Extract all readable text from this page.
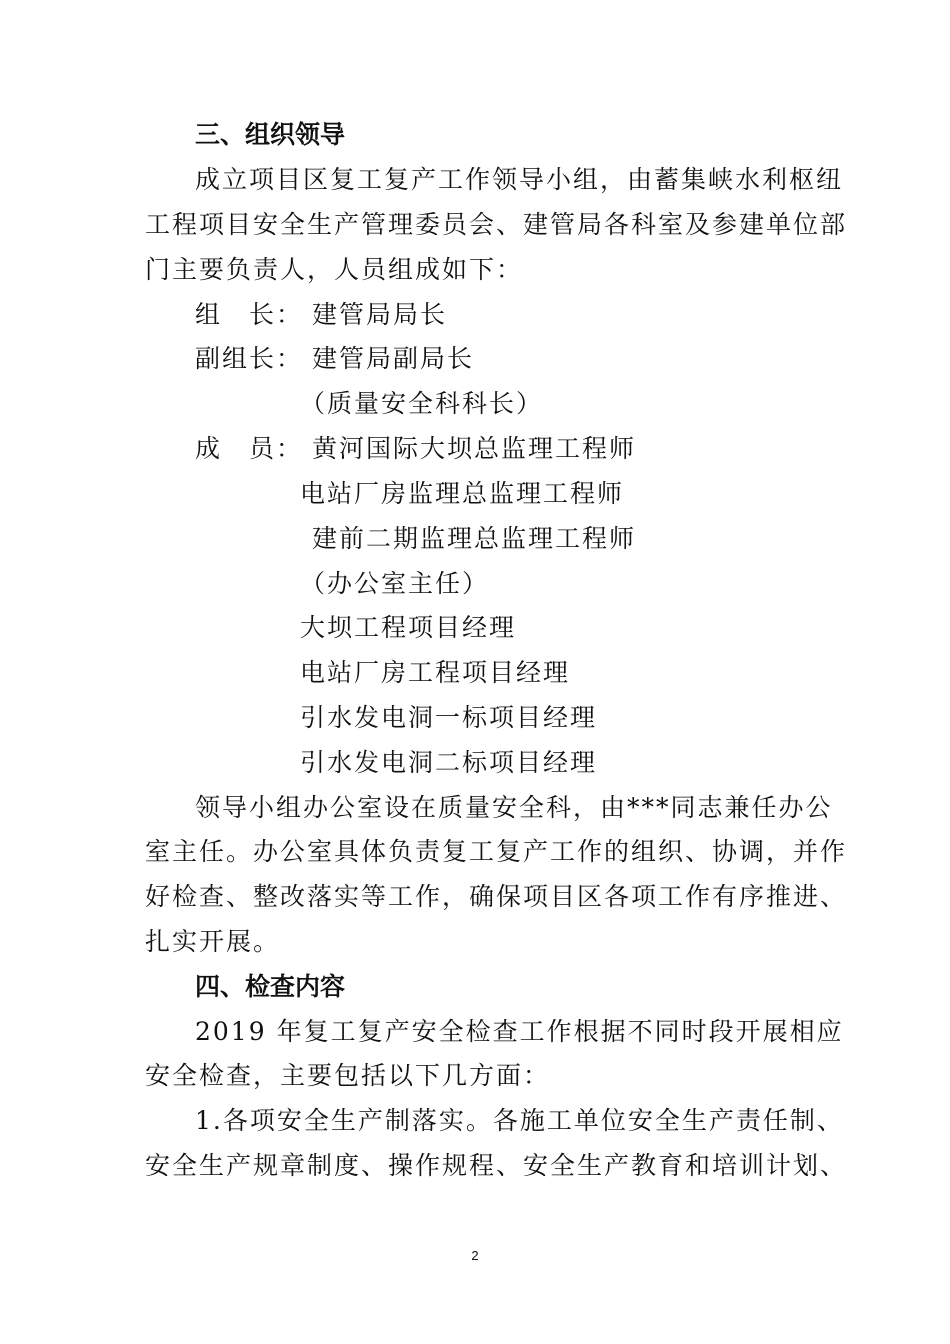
三、组织领导
成立项目区复工复产工作领导小组，由蓄集峡水利枢纽
工程项目安全生产管理委员会、建管局各科室及参建单位部
门主要负责人，人员组成如下：
组　长： 建管局局长
副组长： 建管局副局长
（质量安全科科长）
成　员： 黄河国际大坝总监理工程师
电站厂房监理总监理工程师
建前二期监理总监理工程师
（办公室主任）
大坝工程项目经理
电站厂房工程项目经理
引水发电洞一标项目经理
引水发电洞二标项目经理
领导小组办公室设在质量安全科，由***同志兼任办公
室主任。办公室具体负责复工复产工作的组织、协调，并作
好检查、整改落实等工作，确保项目区各项工作有序推进、
扎实开展。
四、检查内容
2019 年复工复产安全检查工作根据不同时段开展相应
安全检查，主要包括以下几方面：
1.各项安全生产制落实。各施工单位安全生产责任制、
安全生产规章制度、操作规程、安全生产教育和培训计划、
2
